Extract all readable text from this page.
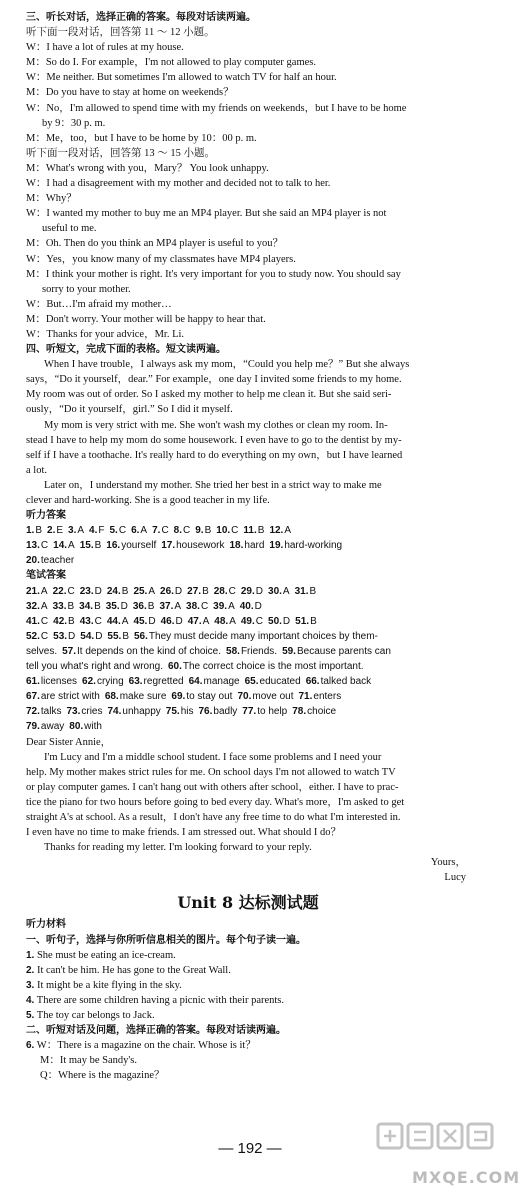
三、听长对话，选择正确的答案。每段对话读两遍。
听下面一段对话，回答第 11 ～ 12 小题。
W：I have a lot of rules at my house.
M：So do I. For example，I'm not allowed to play computer games.
W：Me neither. But sometimes I'm allowed to watch TV for half an hour.
M：Do you have to stay at home on weekends？
W：No，I'm allowed to spend time with my friends on weekends，but I have to be home
by 9：30 p. m.
M：Me，too，but I have to be home by 10：00 p. m.
听下面一段对话，回答第 13 ～ 15 小题。
M：What's wrong with you，Mary？ You look unhappy.
W：I had a disagreement with my mother and decided not to talk to her.
M：Why？
W：I wanted my mother to buy me an MP4 player. But she said an MP4 player is not
useful to me.
M：Oh. Then do you think an MP4 player is useful to you？
W：Yes，you know many of my classmates have MP4 players.
M：I think your mother is right. It's very important for you to study now. You should say
sorry to your mother.
W：But…I'm afraid my mother…
M：Don't worry. Your mother will be happy to hear that.
W：Thanks for your advice，Mr. Li.
四、听短文，完成下面的表格。短文读两遍。
When I have trouble，I always ask my mom，“Could you help me？” But she always
says，“Do it yourself，dear.” For example，one day I invited some friends to my home.
My room was out of order. So I asked my mother to help me clean it. But she said seri-
ously，“Do it yourself，girl.” So I did it myself.
My mom is very strict with me. She won't wash my clothes or clean my room. In-
stead I have to help my mom do some housework. I even have to go to the dentist by my-
self if I have a toothache. It's really hard to do everything on my own，but I have learned
a lot.
Later on，I understand my mother. She tried her best in a strict way to make me
clever and hard-working. She is a good teacher in my life.
听力答案
1.B  2.E  3.A  4.F  5.C  6.A  7.C  8.C  9.B  10.C  11.B  12.A
13.C  14.A  15.B  16.yourself  17.housework  18.hard  19.hard-working
20.teacher
笔试答案
21.A  22.C  23.D  24.B  25.A  26.D  27.B  28.C  29.D  30.A  31.B
32.A  33.B  34.B  35.D  36.B  37.A  38.C  39.A  40.D
41.C  42.B  43.C  44.A  45.D  46.D  47.A  48.A  49.C  50.D  51.B
52.C  53.D  54.D  55.B  56.They must decide many important choices by them-
selves.  57.It depends on the kind of choice.  58.Friends.  59.Because parents can
tell you what's right and wrong.  60.The correct choice is the most important.
61.licenses  62.crying  63.regretted  64.manage  65.educated  66.talked back
67.are strict with  68.make sure  69.to stay out  70.move out  71.enters
72.talks  73.cries  74.unhappy  75.his  76.badly  77.to help  78.choice
79.away  80.with
Dear Sister Annie，
I'm Lucy and I'm a middle school student. I face some problems and I need your
help. My mother makes strict rules for me. On school days I'm not allowed to watch TV
or play computer games. I can't hang out with others after school，either. I have to prac-
tice the piano for two hours before going to bed every day. What's more，I'm asked to get
straight A's at school. As a result，I don't have any free time to do what I'm interested in.
I even have no time to make friends. I am stressed out. What should I do？
Thanks for reading my letter. I'm looking forward to your reply.
Yours，
Lucy
Unit 8 达标测试题
听力材料
一、听句子，选择与你所听信息相关的图片。每个句子读一遍。
1. She must be eating an ice-cream.
2. It can't be him. He has gone to the Great Wall.
3. It might be a kite flying in the sky.
4. There are some children having a picnic with their parents.
5. The toy car belongs to Jack.
二、听短对话及问题，选择正确的答案。每段对话读两遍。
6. W：There is a magazine on the chair. Whose is it？
M：It may be Sandy's.
Q：Where is the magazine？
— 192 —
MXQE.COM
